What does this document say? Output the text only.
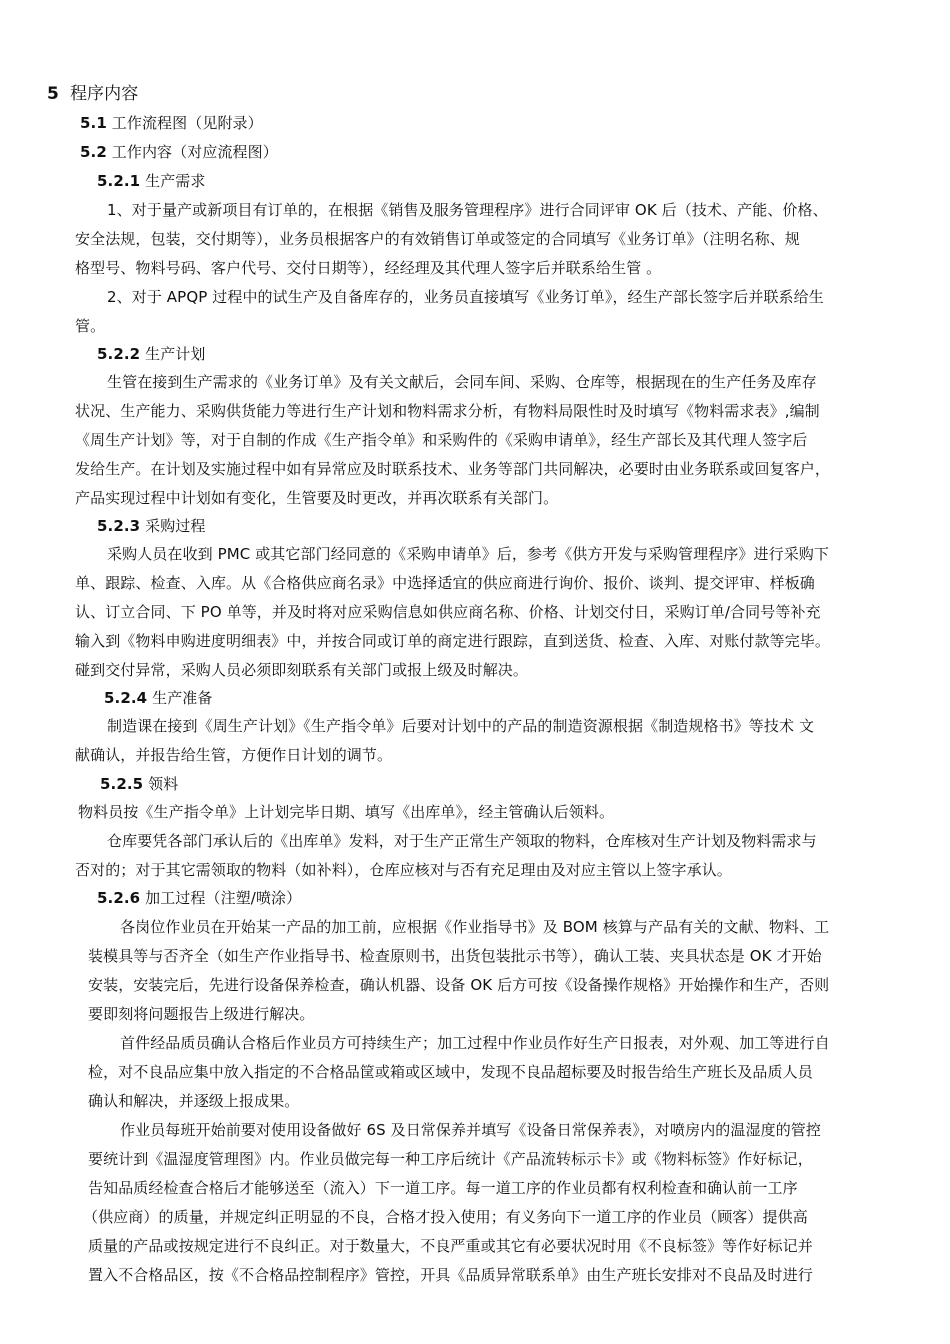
5 程序内容
5.1 工作流程图（见附录）
5.2 工作内容（对应流程图）
5.2.1 生产需求
1、对于量产或新项目有订单的，在根据《销售及服务管理程序》进行合同评审 OK 后（技术、产能、价格、
安全法规，包装，交付期等），业务员根据客户的有效销售订单或签定的合同填写《业务订单》（注明名称、规
格型号、物料号码、客户代号、交付日期等），经经理及其代理人签字后并联系给生管 。
2、对于 APQP 过程中的试生产及自备库存的，业务员直接填写《业务订单》，经生产部长签字后并联系给生
管。
5.2.2 生产计划
生管在接到生产需求的《业务订单》及有关文献后，会同车间、采购、仓库等，根据现在的生产任务及库存
状况、生产能力、采购供货能力等进行生产计划和物料需求分析，有物料局限性时及时填写《物料需求表》,编制
《周生产计划》等，对于自制的作成《生产指令单》和采购件的《采购申请单》，经生产部长及其代理人签字后
发给生产。在计划及实施过程中如有异常应及时联系技术、业务等部门共同解决，必要时由业务联系或回复客户，
产品实现过程中计划如有变化，生管要及时更改，并再次联系有关部门。
5.2.3 采购过程
采购人员在收到 PMC 或其它部门经同意的《采购申请单》后，参考《供方开发与采购管理程序》进行采购下
单、跟踪、检查、入库。从《合格供应商名录》中选择适宜的供应商进行询价、报价、谈判、提交评审、样板确
认、订立合同、下 PO 单等，并及时将对应采购信息如供应商名称、价格、计划交付日，采购订单/合同号等补充
输入到《物料申购进度明细表》中，并按合同或订单的商定进行跟踪，直到送货、检查、入库、对账付款等完毕。
碰到交付异常，采购人员必须即刻联系有关部门或报上级及时解决。
5.2.4 生产准备
制造课在接到《周生产计划》《生产指令单》后要对计划中的产品的制造资源根据《制造规格书》等技术 文
献确认，并报告给生管，方便作日计划的调节。
5.2.5 领料
物料员按《生产指令单》上计划完毕日期、填写《出库单》，经主管确认后领料。
仓库要凭各部门承认后的《出库单》发料，对于生产正常生产领取的物料，仓库核对生产计划及物料需求与
否对的；对于其它需领取的物料（如补料），仓库应核对与否有充足理由及对应主管以上签字承认。
5.2.6 加工过程（注塑/喷涂）
各岗位作业员在开始某一产品的加工前，应根据《作业指导书》及 BOM 核算与产品有关的文献、物料、工
装模具等与否齐全（如生产作业指导书、检查原则书，出货包装批示书等），确认工装、夹具状态是 OK 才开始
安装，安装完后，先进行设备保养检查，确认机器、设备 OK 后方可按《设备操作规格》开始操作和生产，否则
要即刻将问题报告上级进行解决。
首件经品质员确认合格后作业员方可持续生产；加工过程中作业员作好生产日报表，对外观、加工等进行自
检，对不良品应集中放入指定的不合格品筐或箱或区域中，发现不良品超标要及时报告给生产班长及品质人员
确认和解决，并逐级上报成果。
作业员每班开始前要对使用设备做好 6S 及日常保养并填写《设备日常保养表》，对喷房内的温湿度的管控
要统计到《温湿度管理图》内。作业员做完每一种工序后统计《产品流转标示卡》或《物料标签》作好标记，
告知品质经检查合格后才能够送至（流入）下一道工序。每一道工序的作业员都有权利检查和确认前一工序
（供应商）的质量，并规定纠正明显的不良，合格才投入使用；有义务向下一道工序的作业员（顾客）提供高
质量的产品或按规定进行不良纠正。对于数量大，不良严重或其它有必要状况时用《不良标签》等作好标记并
置入不合格品区，按《不合格品控制程序》管控，开具《品质异常联系单》由生产班长安排对不良品及时进行
